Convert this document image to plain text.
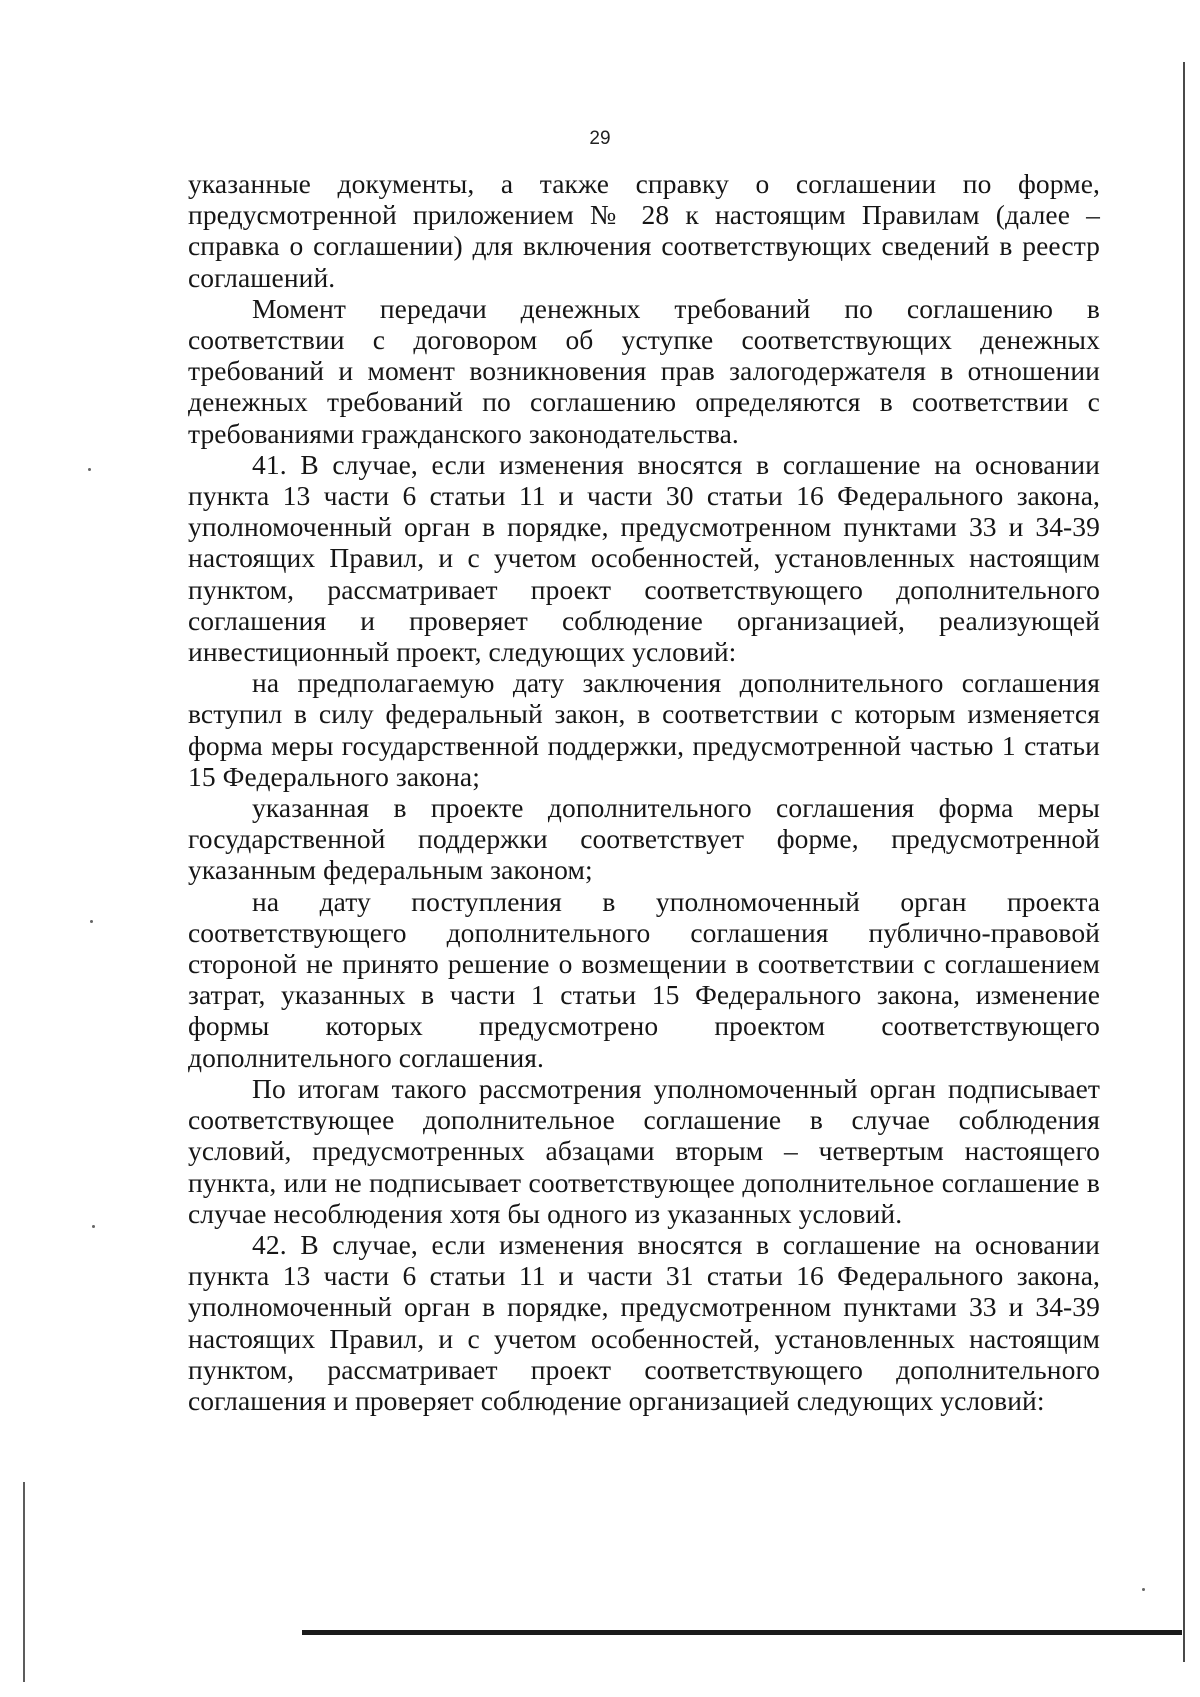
29

указанные документы, а также справку о соглашении по форме, предусмотренной приложением № 28 к настоящим Правилам (далее – справка о соглашении) для включения соответствующих сведений в реестр соглашений.

Момент передачи денежных требований по соглашению в соответствии с договором об уступке соответствующих денежных требований и момент возникновения прав залогодержателя в отношении денежных требований по соглашению определяются в соответствии с требованиями гражданского законодательства.

41. В случае, если изменения вносятся в соглашение на основании пункта 13 части 6 статьи 11 и части 30 статьи 16 Федерального закона, уполномоченный орган в порядке, предусмотренном пунктами 33 и 34-39 настоящих Правил, и с учетом особенностей, установленных настоящим пунктом, рассматривает проект соответствующего дополнительного соглашения и проверяет соблюдение организацией, реализующей инвестиционный проект, следующих условий:

на предполагаемую дату заключения дополнительного соглашения вступил в силу федеральный закон, в соответствии с которым изменяется форма меры государственной поддержки, предусмотренной частью 1 статьи 15 Федерального закона;

указанная в проекте дополнительного соглашения форма меры государственной поддержки соответствует форме, предусмотренной указанным федеральным законом;

на дату поступления в уполномоченный орган проекта соответствующего дополнительного соглашения публично-правовой стороной не принято решение о возмещении в соответствии с соглашением затрат, указанных в части 1 статьи 15 Федерального закона, изменение формы которых предусмотрено проектом соответствующего дополнительного соглашения.

По итогам такого рассмотрения уполномоченный орган подписывает соответствующее дополнительное соглашение в случае соблюдения условий, предусмотренных абзацами вторым – четвертым настоящего пункта, или не подписывает соответствующее дополнительное соглашение в случае несоблюдения хотя бы одного из указанных условий.

42. В случае, если изменения вносятся в соглашение на основании пункта 13 части 6 статьи 11 и части 31 статьи 16 Федерального закона, уполномоченный орган в порядке, предусмотренном пунктами 33 и 34-39 настоящих Правил, и с учетом особенностей, установленных настоящим пунктом, рассматривает проект соответствующего дополнительного соглашения и проверяет соблюдение организацией следующих условий:
